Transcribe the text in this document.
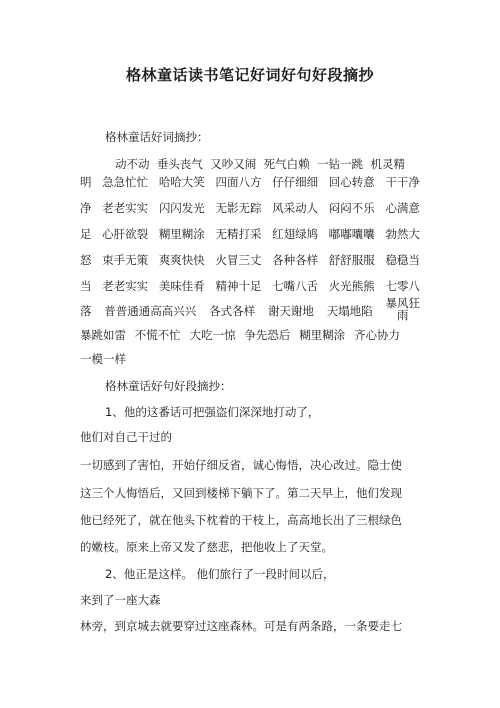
格林童话读书笔记好词好句好段摘抄
格林童话好词摘抄：
动不动 垂头丧气 又吵又闹 死气白赖 一钻一跳 机灵精
明 急急忙忙 哈哈大笑 四面八方 仔仔细细 回心转意 干干净
净 老老实实 闪闪发光 无影无踪 风采动人 闷闷不乐 心满意
足 心肝欲裂 糊里糊涂 无精打采 红翅绿鸠 嘟嘟囔囔 勃然大
怒 束手无策 爽爽快快 火冒三丈 各种各样 舒舒服服 稳稳当
当 老老实实 美味佳肴 精神十足 七嘴八舌 火光熊熊 七零八
落 普普通通高高兴兴 各式各样 谢天谢地 天塌地陷
暴风狂
雨
暴跳如雷 不慌不忙 大吃一惊 争先恐后 糊里糊涂 齐心协力
一模一样
格林童话好句好段摘抄：
1、他的这番话可把强盗们深深地打动了，
他们对自己干过的
一切感到了害怕，开始仔细反省，诚心悔悟，决心改过。隐士使
这三个人悔悟后，又回到楼梯下躺下了。第二天早上，他们发现
他已经死了，就在他头下枕着的干枝上，高高地长出了三根绿色
的嫩枝。原来上帝又发了慈悲，把他收上了天堂。
2、他正是这样。 他们旅行了一段时间以后，
来到了一座大森
林旁，到京城去就要穿过这座森林。可是有两条路，一条要走七
